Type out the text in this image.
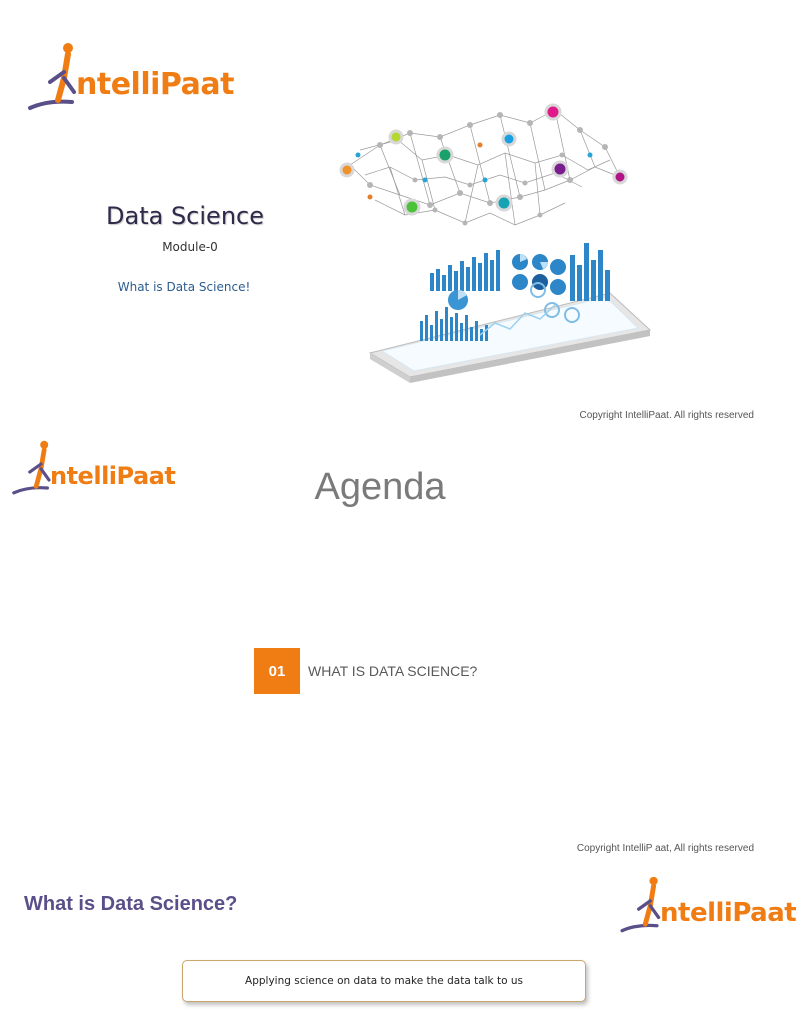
ntelliPaat
Data Science
Module-0
What is Data Science!
Copyright IntelliPaat. All rights reserved
ntelliPaat	Agenda
01	WHAT IS DATA SCIENCE?
Copyright IntelliP aat, All rights reserved
What is Data Science?	ntelliPaat
Applying science on data to make the data talk to us
